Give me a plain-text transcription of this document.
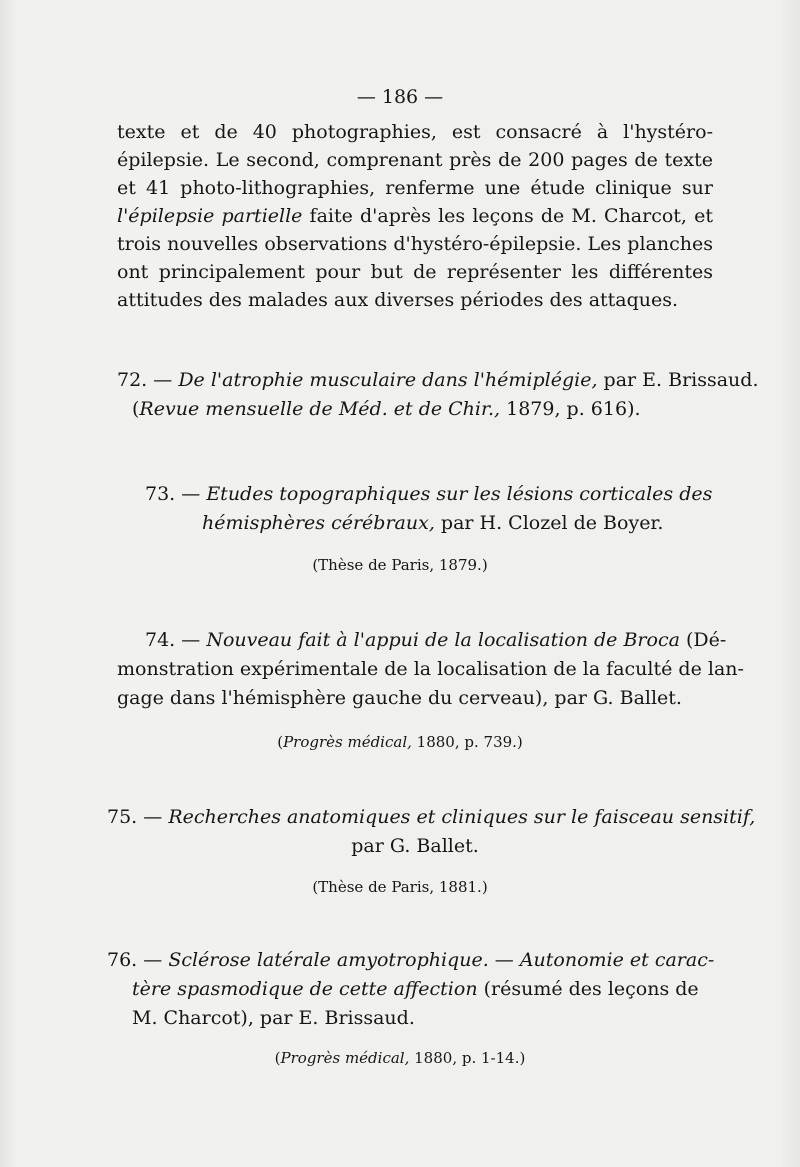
— 186 —
texte et de 40 photographies, est consacré à l'hystéro-épilepsie. Le second, comprenant près de 200 pages de texte et 41 photo-lithographies, renferme une étude clinique sur l'épilepsie partielle faite d'après les leçons de M. Charcot, et trois nouvelles observations d'hystéro-épilepsie. Les planches ont principalement pour but de représenter les différentes attitudes des malades aux diverses périodes des attaques.
72. — De l'atrophie musculaire dans l'hémiplégie, par E. Brissaud.
(Revue mensuelle de Méd. et de Chir., 1879, p. 616).
73. — Etudes topographiques sur les lésions corticales des
hémisphères cérébraux, par H. Clozel de Boyer.
(Thèse de Paris, 1879.)
74. — Nouveau fait à l'appui de la localisation de Broca (Dé-
monstration expérimentale de la localisation de la faculté de lan-
gage dans l'hémisphère gauche du cerveau), par G. Ballet.
(Progrès médical, 1880, p. 739.)
75. — Recherches anatomiques et cliniques sur le faisceau sensitif,
par G. Ballet.
(Thèse de Paris, 1881.)
76. — Sclérose latérale amyotrophique. — Autonomie et carac-
tère spasmodique de cette affection (résumé des leçons de
M. Charcot), par E. Brissaud.
(Progrès médical, 1880, p. 1-14.)
